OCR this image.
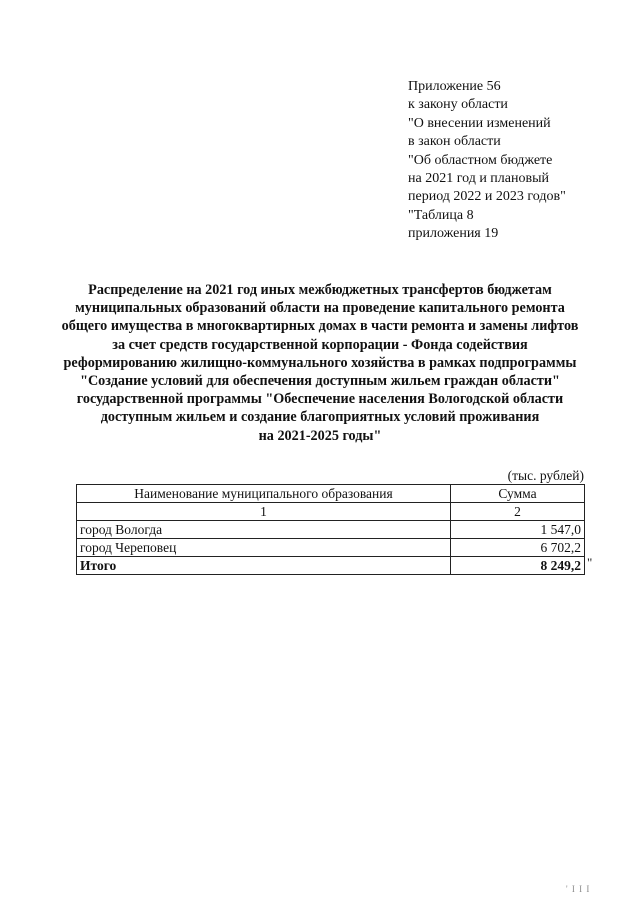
Приложение 56
к закону области
"О внесении изменений
в закон области
"Об областном бюджете
на 2021 год и плановый
период 2022 и 2023 годов"
"Таблица 8
приложения 19
Распределение на 2021 год иных межбюджетных трансфертов бюджетам
муниципальных образований области на проведение капитального ремонта
общего имущества в многоквартирных домах в части ремонта и замены лифтов
за счет средств государственной корпорации - Фонда содействия
реформированию жилищно-коммунального хозяйства в рамках подпрограммы
"Создание условий для обеспечения доступным жильем граждан области"
государственной программы "Обеспечение населения Вологодской области
доступным жильем и создание благоприятных условий проживания
на 2021-2025 годы"
(тыс. рублей)
Наименование муниципального образования	Сумма
1	2
город Вологда	1 547,0
город Череповец	6 702,2
Итого	8 249,2 "
' I I I
